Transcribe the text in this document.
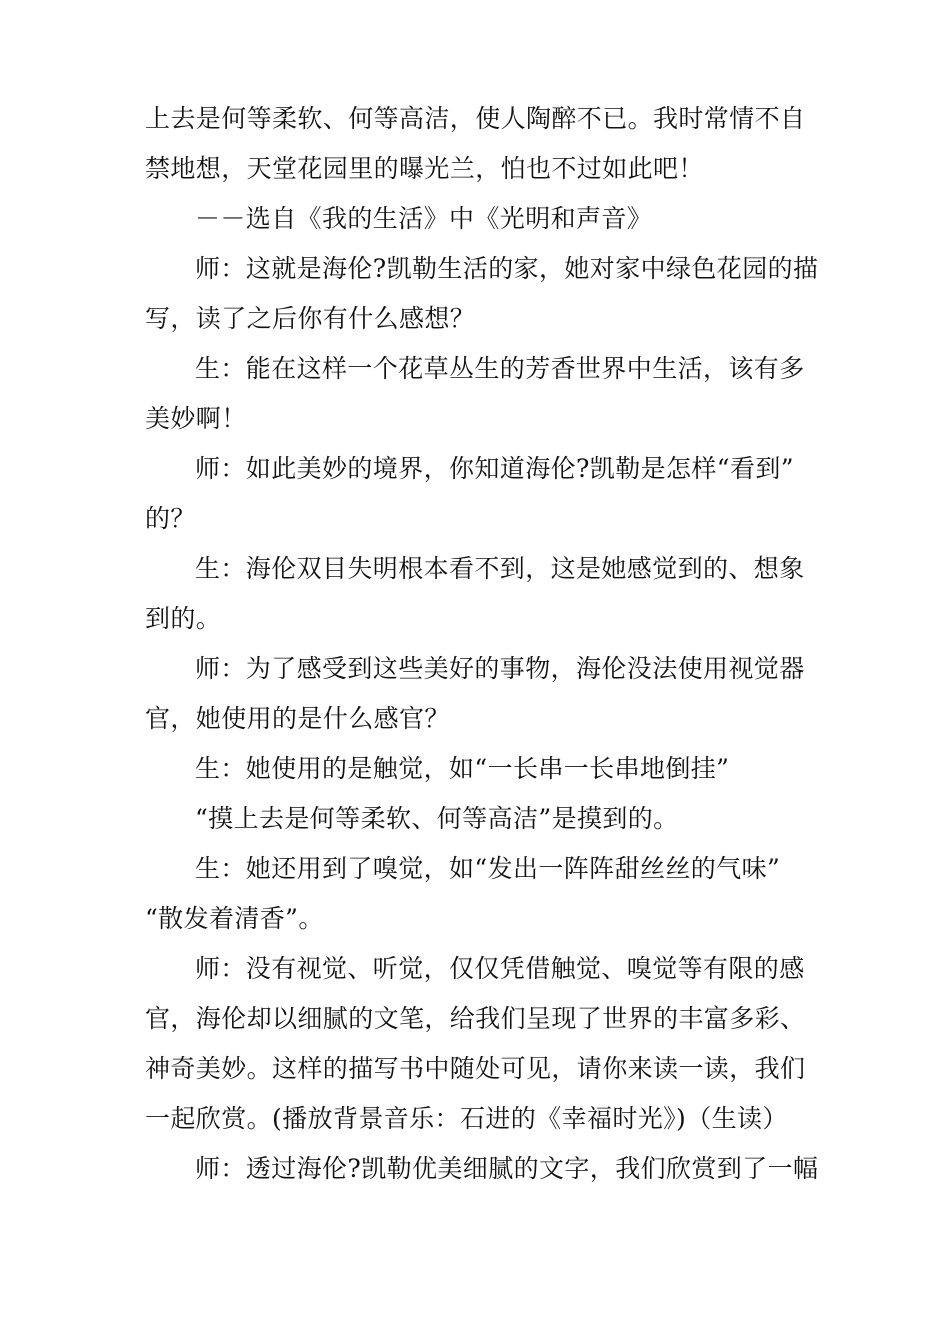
上去是何等柔软、何等高洁，使人陶醉不已。我时常情不自
禁地想，天堂花园里的曝光兰，怕也不过如此吧！
－－选自《我的生活》中《光明和声音》
师：这就是海伦?凯勒生活的家，她对家中绿色花园的描
写，读了之后你有什么感想？
生：能在这样一个花草丛生的芳香世界中生活，该有多
美妙啊！
师：如此美妙的境界，你知道海伦?凯勒是怎样“看到”
的？
生：海伦双目失明根本看不到，这是她感觉到的、想象
到的。
师：为了感受到这些美好的事物，海伦没法使用视觉器
官，她使用的是什么感官？
生：她使用的是触觉，如“一长串一长串地倒挂”
“摸上去是何等柔软、何等高洁”是摸到的。
生：她还用到了嗅觉，如“发出一阵阵甜丝丝的气味”
“散发着清香”。
师：没有视觉、听觉，仅仅凭借触觉、嗅觉等有限的感
官，海伦却以细腻的文笔，给我们呈现了世界的丰富多彩、
神奇美妙。这样的描写书中随处可见，请你来读一读，我们
一起欣赏。(播放背景音乐：石进的《幸福时光》)（生读）
师：透过海伦?凯勒优美细腻的文字，我们欣赏到了一幅
